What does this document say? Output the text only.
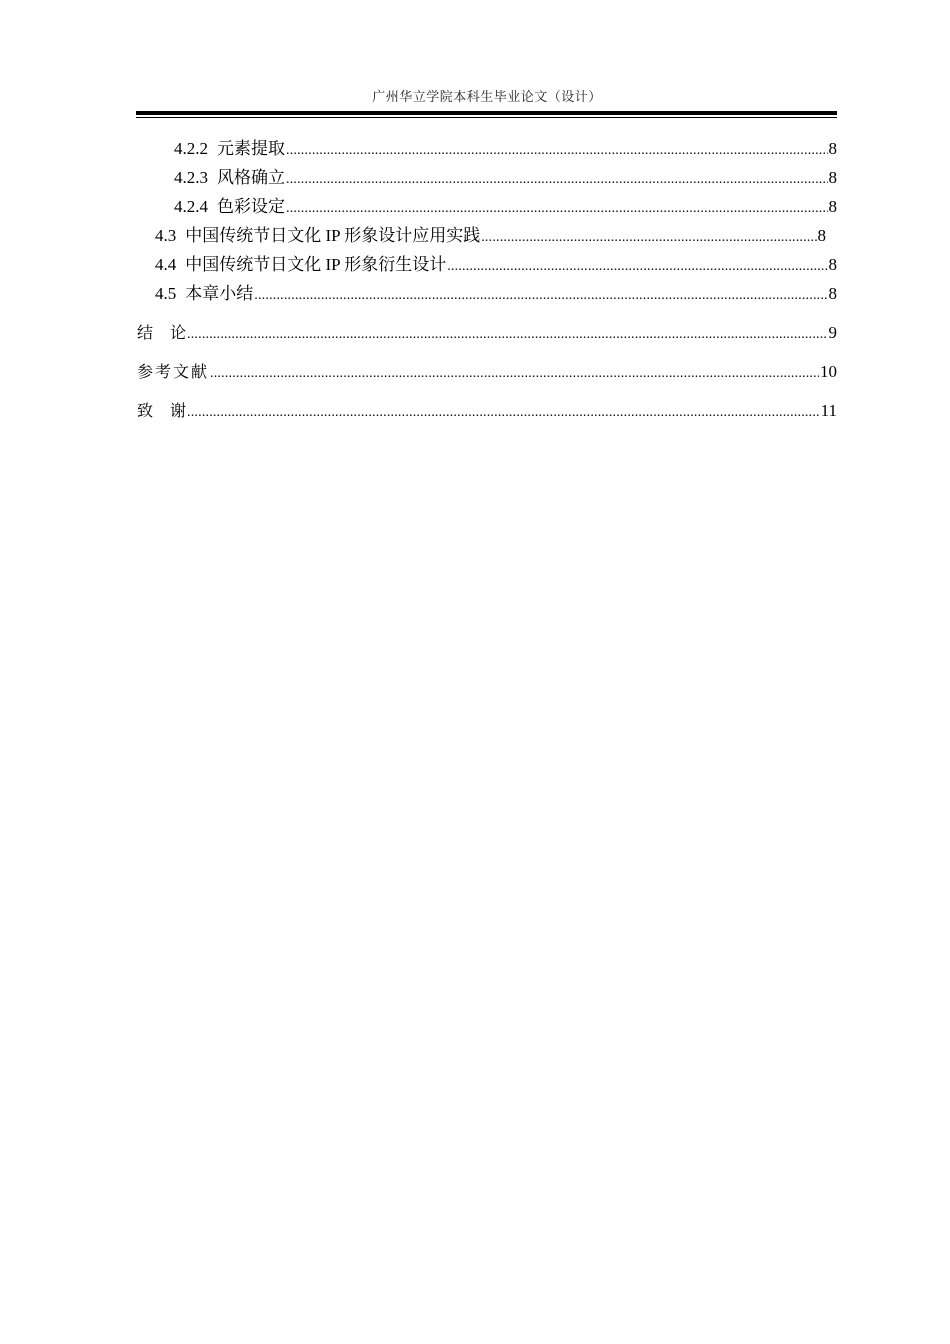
广州华立学院本科生毕业论文（设计）
4.2.2 元素提取 .....	8
4.2.3 风格确立 .....	8
4.2.4 色彩设定 .....	8
4.3 中国传统节日文化 IP 形象设计应用实践 .....	8
4.4 中国传统节日文化 IP 形象衍生设计 .....	8
4.5 本章小结 .....	8
结论 .....	9
参考文献 .....	10
致谢 .....	11
